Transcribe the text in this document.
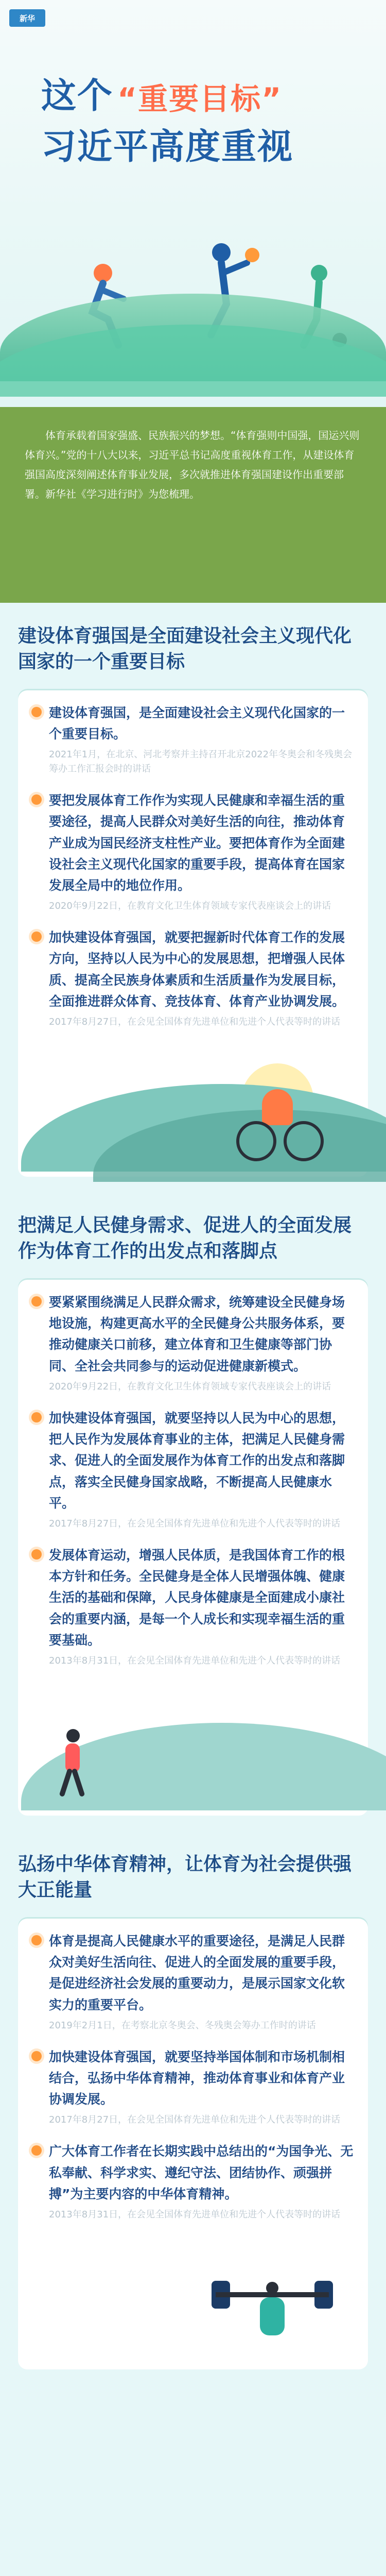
新华
这个 “重要目标”
习近平高度重视
体育承载着国家强盛、民族振兴的梦想。“体育强则中国强，国运兴则体育兴。”党的十八大以来，习近平总书记高度重视体育工作，从建设体育强国高度深刻阐述体育事业发展，多次就推进体育强国建设作出重要部署。新华社《学习进行时》为您梳理。
建设体育强国是全面建设社会主义现代化国家的一个重要目标
建设体育强国，是全面建设社会主义现代化国家的一个重要目标。
2021年1月，在北京、河北考察并主持召开北京2022年冬奥会和冬残奥会筹办工作汇报会时的讲话
要把发展体育工作作为实现人民健康和幸福生活的重要途径，提高人民群众对美好生活的向往，推动体育产业成为国民经济支柱性产业。要把体育作为全面建设社会主义现代化国家的重要手段，提高体育在国家发展全局中的地位作用。
2020年9月22日，在教育文化卫生体育领域专家代表座谈会上的讲话
加快建设体育强国，就要把握新时代体育工作的发展方向，坚持以人民为中心的发展思想，把增强人民体质、提高全民族身体素质和生活质量作为发展目标，全面推进群众体育、竞技体育、体育产业协调发展。
2017年8月27日，在会见全国体育先进单位和先进个人代表等时的讲话
把满足人民健身需求、促进人的全面发展作为体育工作的出发点和落脚点
要紧紧围绕满足人民群众需求，统筹建设全民健身场地设施，构建更高水平的全民健身公共服务体系，要推动健康关口前移，建立体育和卫生健康等部门协同、全社会共同参与的运动促进健康新模式。
2020年9月22日，在教育文化卫生体育领域专家代表座谈会上的讲话
加快建设体育强国，就要坚持以人民为中心的思想，把人民作为发展体育事业的主体，把满足人民健身需求、促进人的全面发展作为体育工作的出发点和落脚点，落实全民健身国家战略，不断提高人民健康水平。
2017年8月27日，在会见全国体育先进单位和先进个人代表等时的讲话
发展体育运动，增强人民体质，是我国体育工作的根本方针和任务。全民健身是全体人民增强体魄、健康生活的基础和保障，人民身体健康是全面建成小康社会的重要内涵，是每一个人成长和实现幸福生活的重要基础。
2013年8月31日，在会见全国体育先进单位和先进个人代表等时的讲话
弘扬中华体育精神，让体育为社会提供强大正能量
体育是提高人民健康水平的重要途径，是满足人民群众对美好生活向往、促进人的全面发展的重要手段，是促进经济社会发展的重要动力，是展示国家文化软实力的重要平台。
2019年2月1日，在考察北京冬奥会、冬残奥会筹办工作时的讲话
加快建设体育强国，就要坚持举国体制和市场机制相结合，弘扬中华体育精神，推动体育事业和体育产业协调发展。
2017年8月27日，在会见全国体育先进单位和先进个人代表等时的讲话
广大体育工作者在长期实践中总结出的“为国争光、无私奉献、科学求实、遵纪守法、团结协作、顽强拼搏”为主要内容的中华体育精神。
2013年8月31日，在会见全国体育先进单位和先进个人代表等时的讲话
